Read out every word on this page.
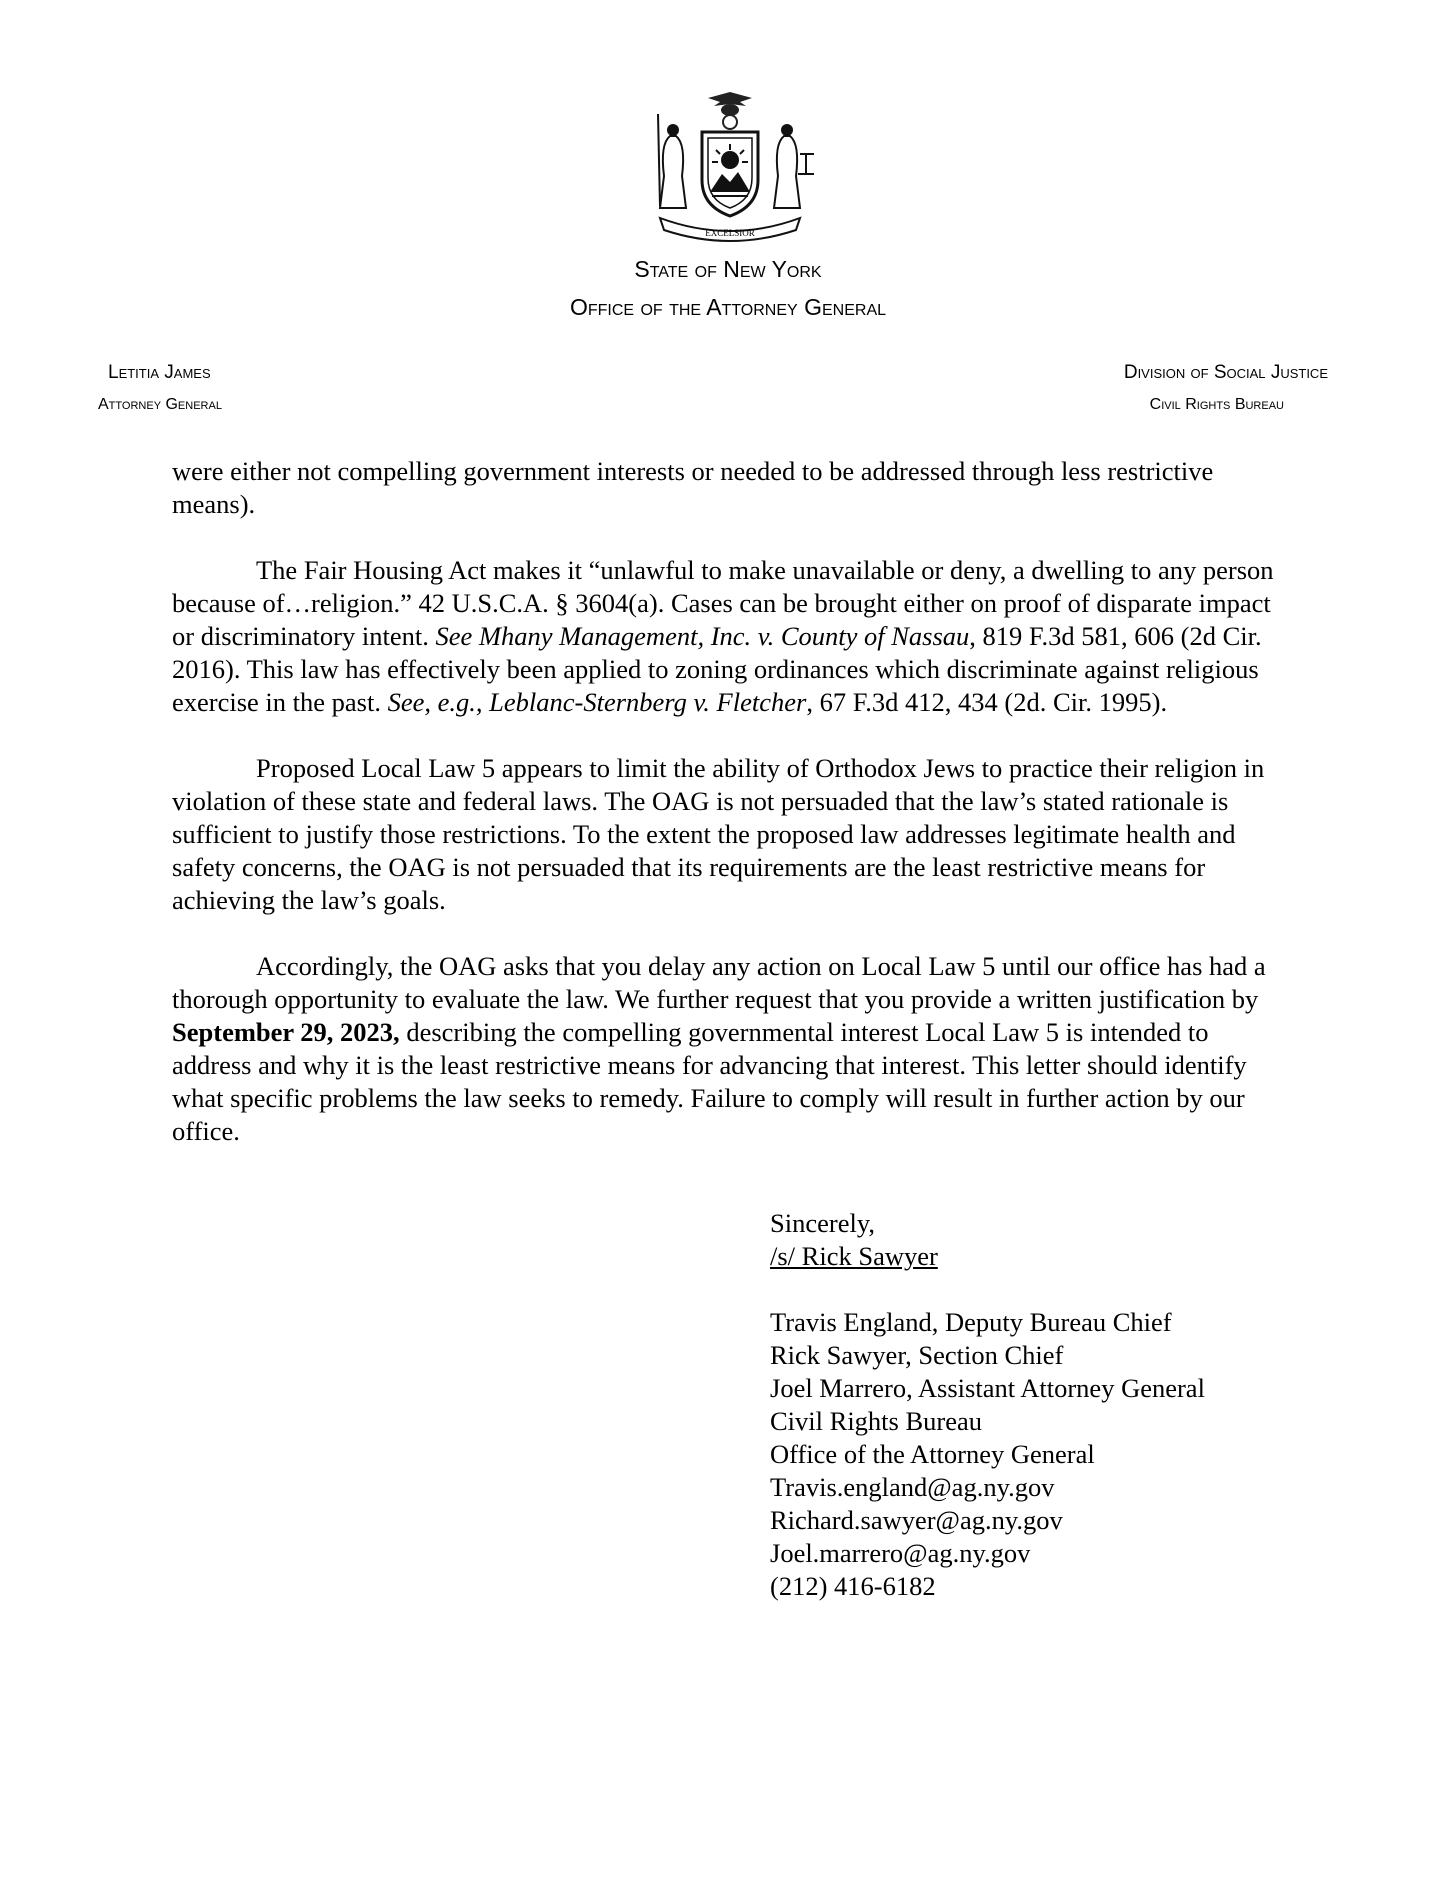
EXCELSIOR
State of New York
Office of the Attorney General
Letitia James
Attorney General
Division of Social Justice
Civil Rights Bureau

were either not compelling government interests or needed to be addressed through less restrictive means).

The Fair Housing Act makes it “unlawful to make unavailable or deny, a dwelling to any person because of…religion.” 42 U.S.C.A. § 3604(a). Cases can be brought either on proof of disparate impact or discriminatory intent. See Mhany Management, Inc. v. County of Nassau, 819 F.3d 581, 606 (2d Cir. 2016). This law has effectively been applied to zoning ordinances which discriminate against religious exercise in the past. See, e.g., Leblanc-Sternberg v. Fletcher, 67 F.3d 412, 434 (2d. Cir. 1995).

Proposed Local Law 5 appears to limit the ability of Orthodox Jews to practice their religion in violation of these state and federal laws. The OAG is not persuaded that the law’s stated rationale is sufficient to justify those restrictions. To the extent the proposed law addresses legitimate health and safety concerns, the OAG is not persuaded that its requirements are the least restrictive means for achieving the law’s goals.

Accordingly, the OAG asks that you delay any action on Local Law 5 until our office has had a thorough opportunity to evaluate the law. We further request that you provide a written justification by September 29, 2023, describing the compelling governmental interest Local Law 5 is intended to address and why it is the least restrictive means for advancing that interest. This letter should identify what specific problems the law seeks to remedy. Failure to comply will result in further action by our office.

Sincerely,
/s/ Rick Sawyer
Travis England, Deputy Bureau Chief
Rick Sawyer, Section Chief
Joel Marrero, Assistant Attorney General
Civil Rights Bureau
Office of the Attorney General
Travis.england@ag.ny.gov
Richard.sawyer@ag.ny.gov
Joel.marrero@ag.ny.gov
(212) 416-6182
